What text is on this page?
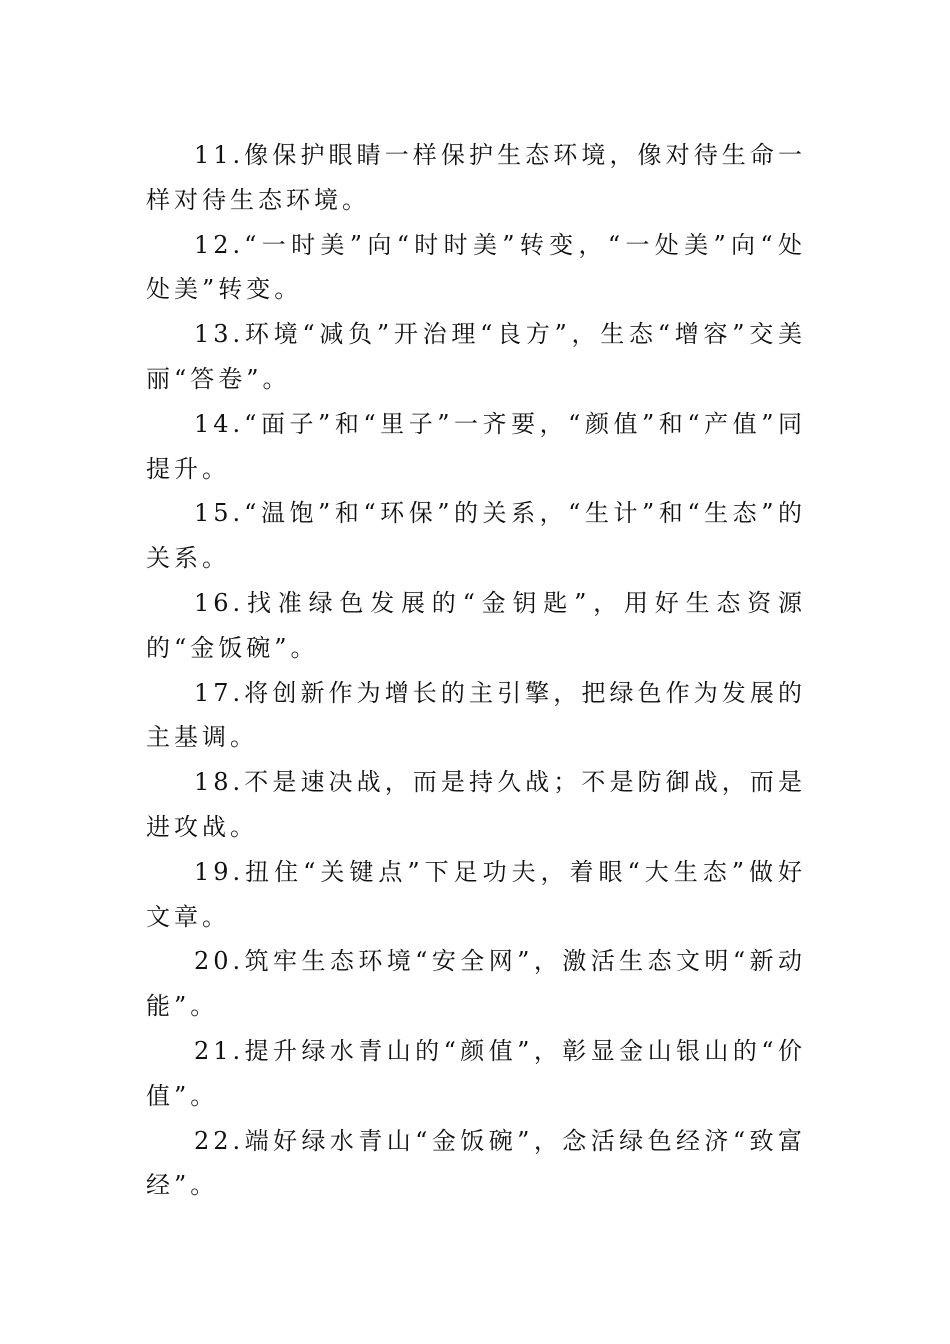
11.像保护眼睛一样保护生态环境，像对待生命一样对待生态环境。

12.“一时美”向“时时美”转变，“一处美”向“处处美”转变。

13.环境“减负”开治理“良方”，生态“增容”交美丽“答卷”。

14.“面子”和“里子”一齐要，“颜值”和“产值”同提升。

15.“温饱”和“环保”的关系，“生计”和“生态”的关系。

16.找准绿色发展的“金钥匙”，用好生态资源的“金饭碗”。

17.将创新作为增长的主引擎，把绿色作为发展的主基调。

18.不是速决战，而是持久战；不是防御战，而是进攻战。

19.扭住“关键点”下足功夫，着眼“大生态”做好文章。

20.筑牢生态环境“安全网”，激活生态文明“新动能”。

21.提升绿水青山的“颜值”，彰显金山银山的“价值”。

22.端好绿水青山“金饭碗”，念活绿色经济“致富经”。
